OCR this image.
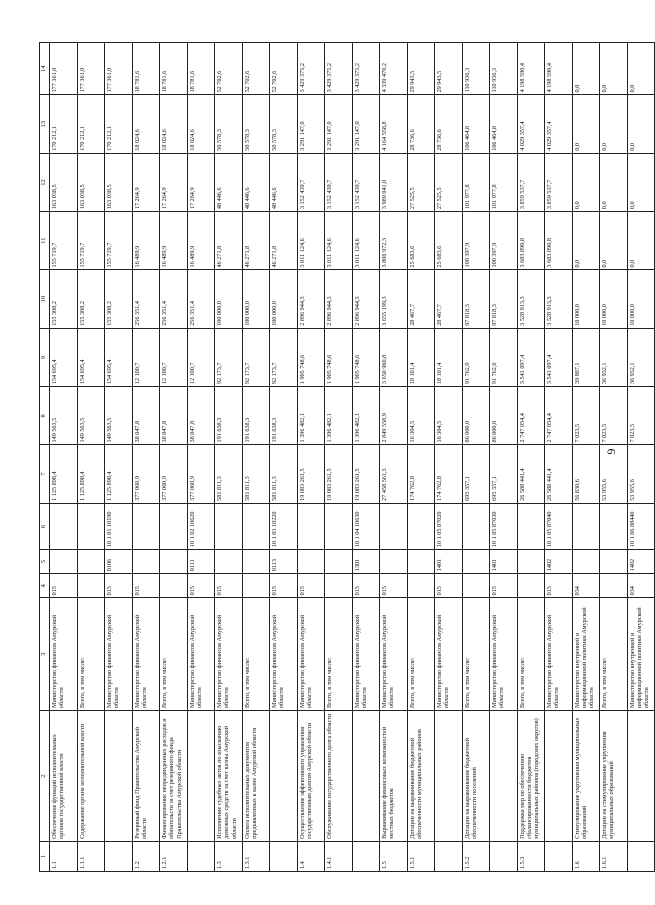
6
1	2	3	4	5	6	7	8	9	10	11	12	13	14
1.1	Обеспечение функций исполнительных органов государственной власти	Министерство финансов Амурской области	015			1 125 898,4	149 563,5	154 695,4	155 308,2	155 719,7	163 038,5	170 212,1	177 361,0
1.1.1	Содержание органа исполнительной власти	Всего, в том числе:				1 125 898,4	149 563,5	154 695,4	155 308,2	155 719,7	163 038,5	170 212,1	177 361,0
		Министерство финансов Амурской области	015	0106	10 1 01 10190	1 125 898,4	149 563,5	154 695,4	155 308,2	155 719,7	163 038,5	170 212,1	177 361,0
1.2	Резервный фонд Правительства Амурской области	Министерство финансов Амурской области	015			377 060,9	38 047,8	12 100,7	256 351,4	16 489,9	17 264,9	18 024,6	18 781,6
1.2.1	Финансирование непредвиденных расходов и обязательств за счет резервного фонда Правительства Амурской области	Всего, в том числе:				377 060,9	38 047,8	12 100,7	256 351,4	16 489,9	17 264,9	18 024,6	18 781,6
		Министерство финансов Амурской области	015	0111	10 1 02 10620	377 060,9	38 047,8	12 100,7	256 351,4	16 489,9	17 264,9	18 024,6	18 781,6
1.3	Исполнение судебных актов по взысканию денежных средств за счет казны Амурской области	Министерство финансов Амурской области	015			581 811,3	191 638,3	92 173,7	100 000,0	46 271,8	48 446,6	50 578,3	52 702,6
1.3.1	Оплата исполнительных документов предъявленных к казне Амурской области	Всего, в том числе:				581 811,3	191 638,3	92 173,7	100 000,0	46 271,8	48 446,6	50 578,3	52 702,6
		Министерство финансов Амурской области	015	0113	10 1 03 10220	581 811,3	191 638,3	92 173,7	100 000,0	46 271,8	48 446,6	50 578,3	52 702,6
1.4	Осуществление эффективного управления государственным долгом Амурской области	Министерство финансов Амурской области	015			19 083 261,5	1 396 482,1	1 905 748,6	2 896 944,3	3 011 124,6	3 152 439,7	3 291 147,0	3 429 375,2
1.4.1	Обслуживание государственного долга области	Всего, в том числе:				19 083 261,5	1 396 482,1	1 905 748,6	2 896 944,3	3 011 124,6	3 152 439,7	3 291 147,0	3 429 375,2
		Министерство финансов Амурской области	015	1301	10 1 04 10630	19 083 261,5	1 396 482,1	1 905 748,6	2 896 944,3	3 011 124,6	3 152 439,7	3 291 147,0	3 429 375,2
1.5	Выравнивание финансовых возможностей местных бюджетов	Министерство финансов Амурской области	015			27 458 561,3	2 849 558,9	3 650 960,8	3 655 199,3	3 806 972,3	3 989 041,0	4 164 558,8	4 339 470,2
1.5.1	Дотации на выравнивание бюджетной обеспеченности муниципальных районов	Всего, в том числе:				174 762,8	16 304,5	18 101,4	28 467,7	25 683,6	27 525,5	28 736,6	29 943,5
		Министерство финансов Амурской области	015	1401	10 1 05 87020	174 762,8	16 304,5	18 101,4	28 467,7	25 683,6	27 525,5	28 736,6	29 943,5
1.5.2	Дотации на выравнивание бюджетной обеспеченности поселений	Всего, в том числе:				695 357,1	86 000,0	91 762,0	97 818,3	100 397,9	101 977,8	106 464,8	110 936,3
		Министерство финансов Амурской области	015	1401	10 1 05 87030	695 357,1	86 000,0	91 762,0	97 818,3	100 397,9	101 977,8	106 464,8	110 936,3
1.5.3	Поддержка мер по обеспечению сбалансированности бюджетов муниципальных районов (городских округов)	Всего, в том числе:				26 588 441,4	2 747 054,4	3 541 097,4	3 528 913,3	3 683 890,8	3 859 537,7	4 029 357,4	4 198 590,4
		Министерство финансов Амурской области	015	1402	10 1 05 87040	26 588 441,4	2 747 054,4	3 541 097,4	3 528 913,3	3 683 890,8	3 859 537,7	4 029 357,4	4 198 590,4
1.6	Стимулирование укрупнения муниципальных образований	Министерство внутренней и информационной политики Амурской области	034			56 830,6	7 023,5	39 807,1	10 000,0	0,0	0,0	0,0	0,0
1.6.1	Дотации на стимулирование укрупнения муниципальных образований	Всего, в том числе:				53 955,6	7 023,5	36 932,1	10 000,0	0,0	0,0	0,0	0,0
		Министерство внутренней и информационной политики Амурской области	034	1402	10 1 06 88440	53 955,6	7 023,5	36 932,1	10 000,0	0,0	0,0	0,0	0,0
